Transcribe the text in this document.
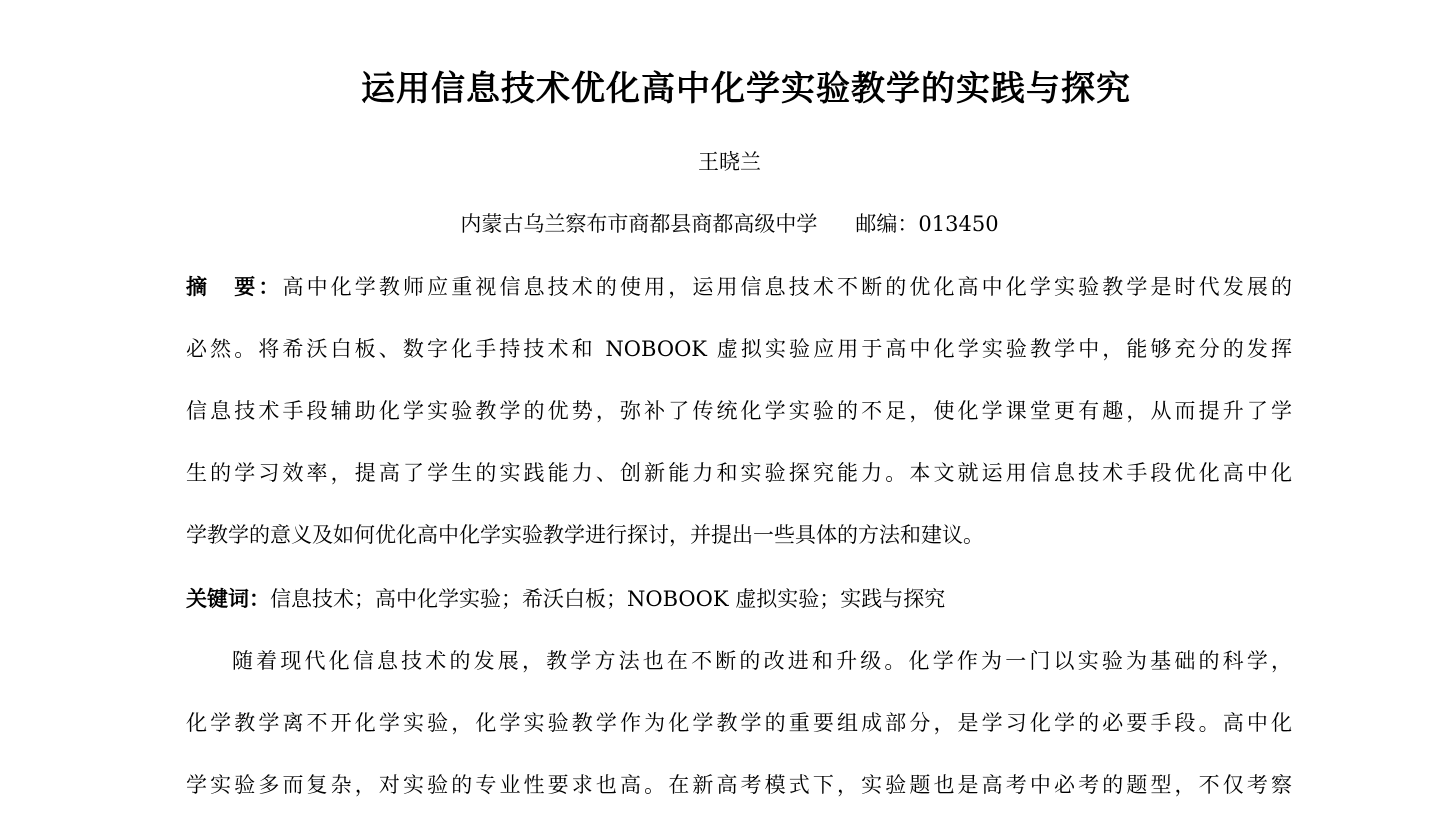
运用信息技术优化高中化学实验教学的实践与探究
王晓兰
内蒙古乌兰察布市商都县商都高级中学 邮编：013450
摘　要：高中化学教师应重视信息技术的使用，运用信息技术不断的优化高中化学实验教学是时代发展的
必然。将希沃白板、数字化手持技术和 NOBOOK 虚拟实验应用于高中化学实验教学中，能够充分的发挥
信息技术手段辅助化学实验教学的优势，弥补了传统化学实验的不足，使化学课堂更有趣，从而提升了学
生的学习效率，提高了学生的实践能力、创新能力和实验探究能力。本文就运用信息技术手段优化高中化
学教学的意义及如何优化高中化学实验教学进行探讨，并提出一些具体的方法和建议。
关键词：信息技术；高中化学实验；希沃白板；NOBOOK 虚拟实验；实践与探究
随着现代化信息技术的发展，教学方法也在不断的改进和升级。化学作为一门以实验为基础的科学，
化学教学离不开化学实验，化学实验教学作为化学教学的重要组成部分，是学习化学的必要手段。高中化
学实验多而复杂，对实验的专业性要求也高。在新高考模式下，实验题也是高考中必考的题型，不仅考察
